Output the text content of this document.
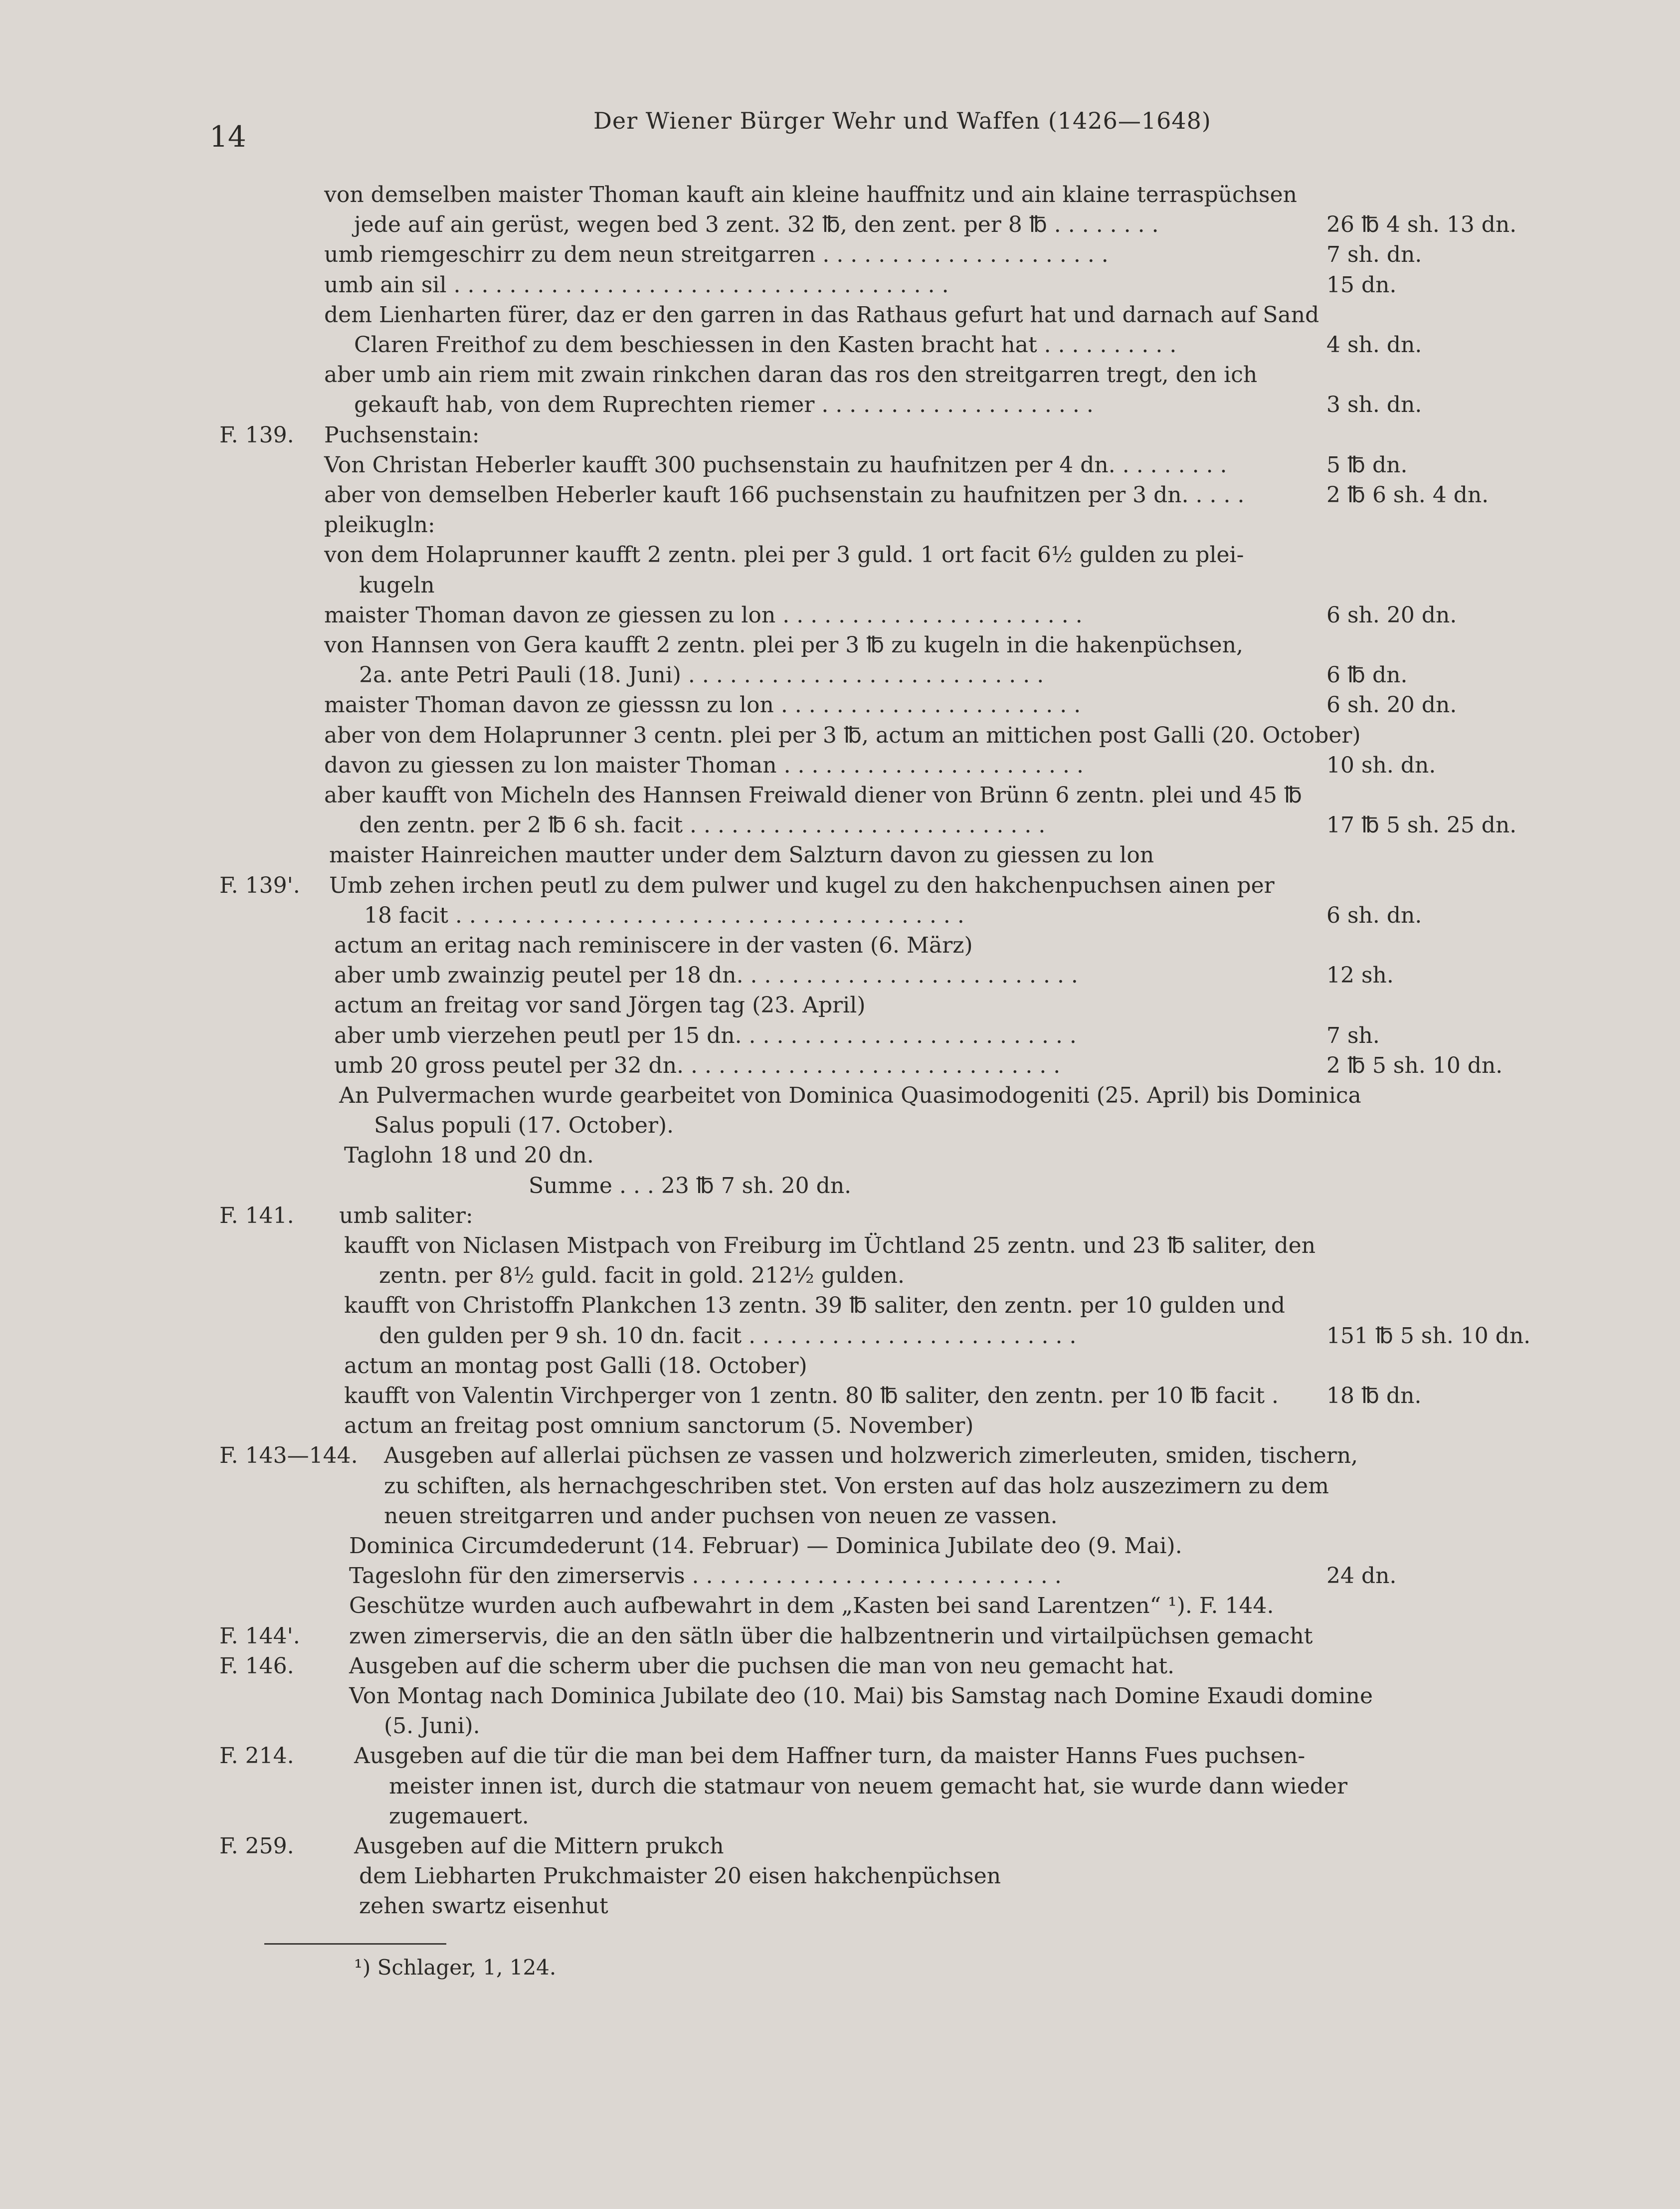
14	Der Wiener Bürger Wehr und Waffen (1426—1648)
von demselben maister Thoman kauft ain kleine hauffnitz und ain klaine terraspüchsen
jede auf ain gerüst, wegen bed 3 zent. 32 ℔, den zent. per 8 ℔ . . . . . . . .	26 ℔ 4 sh. 13 dn.
umb riemgeschirr zu dem neun streitgarren . . . . . . . . . . . . . . . . . . . . .	7 sh. dn.
umb ain sil . . . . . . . . . . . . . . . . . . . . . . . . . . . . . . . . . . . .	15 dn.
dem Lienharten fürer, daz er den garren in das Rathaus gefurt hat und darnach auf Sand
Claren Freithof zu dem beschiessen in den Kasten bracht hat . . . . . . . . . .	4 sh. dn.
aber umb ain riem mit zwain rinkchen daran das ros den streitgarren tregt, den ich
gekauft hab, von dem Ruprechten riemer . . . . . . . . . . . . . . . . . . . .	3 sh. dn.
F. 139. Puchsenstain:
Von Christan Heberler kaufft 300 puchsenstain zu haufnitzen per 4 dn. . . . . . . . .	5 ℔ dn.
aber von demselben Heberler kauft 166 puchsenstain zu haufnitzen per 3 dn. . . . .	2 ℔ 6 sh. 4 dn.
pleikugln:
von dem Holaprunner kaufft 2 zentn. plei per 3 guld. 1 ort facit 6½ gulden zu plei-
kugeln
maister Thoman davon ze giessen zu lon . . . . . . . . . . . . . . . . . . . . . .	6 sh. 20 dn.
von Hannsen von Gera kaufft 2 zentn. plei per 3 ℔ zu kugeln in die hakenpüchsen,
2a. ante Petri Pauli (18. Juni) . . . . . . . . . . . . . . . . . . . . . . . . . .	6 ℔ dn.
maister Thoman davon ze giesssn zu lon . . . . . . . . . . . . . . . . . . . . . .	6 sh. 20 dn.
aber von dem Holaprunner 3 centn. plei per 3 ℔, actum an mittichen post Galli (20. October)
davon zu giessen zu lon maister Thoman . . . . . . . . . . . . . . . . . . . . . .	10 sh. dn.
aber kaufft von Micheln des Hannsen Freiwald diener von Brünn 6 zentn. plei und 45 ℔
den zentn. per 2 ℔ 6 sh. facit . . . . . . . . . . . . . . . . . . . . . . . . . .	17 ℔ 5 sh. 25 dn.
maister Hainreichen mautter under dem Salzturn davon zu giessen zu lon
F. 139'. Umb zehen irchen peutl zu dem pulwer und kugel zu den hakchenpuchsen ainen per
18 facit . . . . . . . . . . . . . . . . . . . . . . . . . . . . . . . . . . . . .	6 sh. dn.
actum an eritag nach reminiscere in der vasten (6. März)
aber umb zwainzig peutel per 18 dn. . . . . . . . . . . . . . . . . . . . . . . . .	12 sh.
actum an freitag vor sand Jörgen tag (23. April)
aber umb vierzehen peutl per 15 dn. . . . . . . . . . . . . . . . . . . . . . . . .	7 sh.
umb 20 gross peutel per 32 dn. . . . . . . . . . . . . . . . . . . . . . . . . . . .	2 ℔ 5 sh. 10 dn.
An Pulvermachen wurde gearbeitet von Dominica Quasimodogeniti (25. April) bis Dominica
Salus populi (17. October).
Taglohn 18 und 20 dn.
Summe . . . 23 ℔ 7 sh. 20 dn.
F. 141. umb saliter:
kaufft von Niclasen Mistpach von Freiburg im Üchtland 25 zentn. und 23 ℔ saliter, den
zentn. per 8½ guld. facit in gold. 212½ gulden.
kaufft von Christoffn Plankchen 13 zentn. 39 ℔ saliter, den zentn. per 10 gulden und
den gulden per 9 sh. 10 dn. facit . . . . . . . . . . . . . . . . . . . . . . . .	151 ℔ 5 sh. 10 dn.
actum an montag post Galli (18. October)
kaufft von Valentin Virchperger von 1 zentn. 80 ℔ saliter, den zentn. per 10 ℔ facit . 18 ℔ dn.
actum an freitag post omnium sanctorum (5. November)
F. 143—144. Ausgeben auf allerlai püchsen ze vassen und holzwerich zimerleuten, smiden, tischern,
zu schiften, als hernachgeschriben stet. Von ersten auf das holz auszezimern zu dem
neuen streitgarren und ander puchsen von neuen ze vassen.
Dominica Circumdederunt (14. Februar) — Dominica Jubilate deo (9. Mai).
Tageslohn für den zimerservis . . . . . . . . . . . . . . . . . . . . . . . . . . .	24 dn.
Geschütze wurden auch aufbewahrt in dem „Kasten bei sand Larentzen“ ¹). F. 144.
F. 144'. zwen zimerservis, die an den sätln über die halbzentnerin und virtailpüchsen gemacht
F. 146.	Ausgeben auf die scherm uber die puchsen die man von neu gemacht hat.
Von Montag nach Dominica Jubilate deo (10. Mai) bis Samstag nach Domine Exaudi domine
(5. Juni).
F. 214.	Ausgeben auf die tür die man bei dem Haffner turn, da maister Hanns Fues puchsen-
meister innen ist, durch die statmaur von neuem gemacht hat, sie wurde dann wieder
zugemauert.
F. 259.	Ausgeben auf die Mittern prukch
dem Liebharten Prukchmaister 20 eisen hakchenpüchsen
zehen swartz eisenhut
¹) Schlager, 1, 124.
